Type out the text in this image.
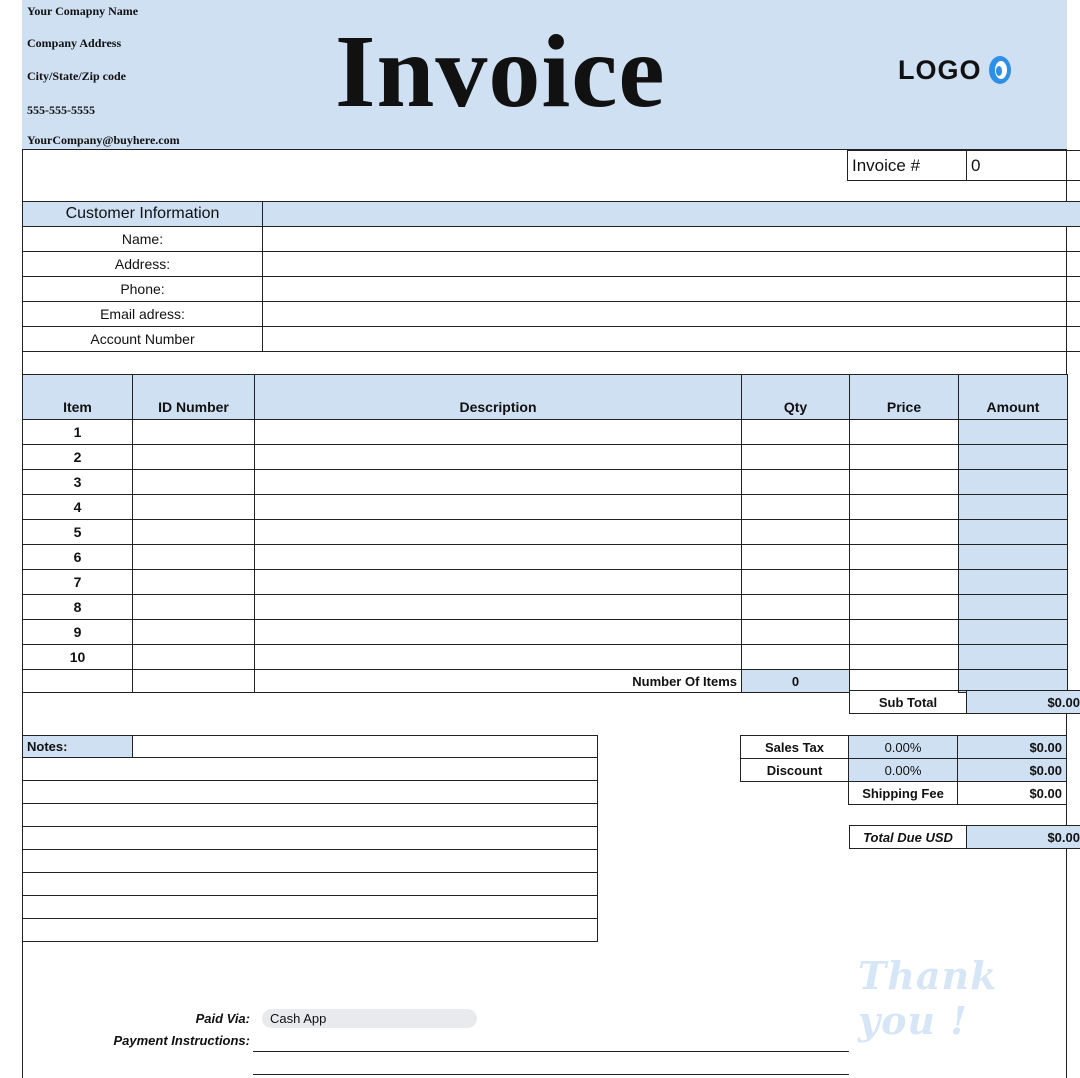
Your Comapny Name
Company Address
City/State/Zip code
555-555-5555
YourCompany@buyhere.com
Invoice	LOGO
Invoice #	0
Customer Information	
Name:	
Address:	
Phone:	
Email adress:	
Account Number	
Item	ID Number	Description	Qty	Price	Amount
1					
2					
3					
4					
5					
6					
7					
8					
9					
10					
		Number Of Items	0		
Sub Total	$0.00
Sales Tax	0.00%	$0.00
Discount	0.00%	$0.00
	Shipping Fee	$0.00
Total Due USD	$0.00
Notes:	

Thank you !
Paid Via:	Cash App
Payment Instructions:
